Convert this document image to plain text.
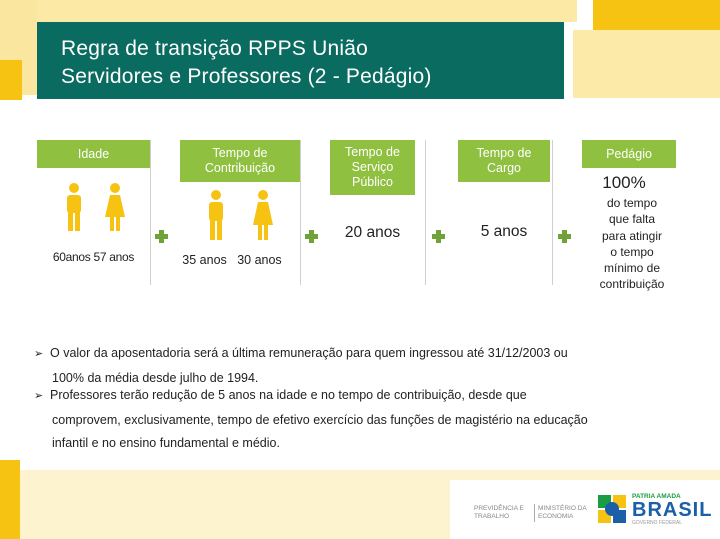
Regra de transição RPPS União
Servidores e Professores (2 - Pedágio)
Idade
60anos 57 anos
Tempo de
Contribuição
35 anos   30 anos
Tempo de
Serviço
Público
20 anos
Tempo de
Cargo
5 anos
Pedágio
100%
do tempo
que falta
para atingir
o tempo
mínimo de
contribuição
➢ O valor da aposentadoria será a última remuneração para quem ingressou até 31/12/2003 ou
100% da média desde julho de 1994.
➢ Professores terão redução de 5 anos na idade e no tempo de contribuição, desde que
comprovem, exclusivamente, tempo de efetivo exercício das funções de magistério na educação
infantil e no ensino fundamental e médio.
PREVIDÊNCIA E
TRABALHO
MINISTÉRIO DA
ECONOMIA
PATRIA AMADA
BRASIL
GOVERNO FEDERAL
